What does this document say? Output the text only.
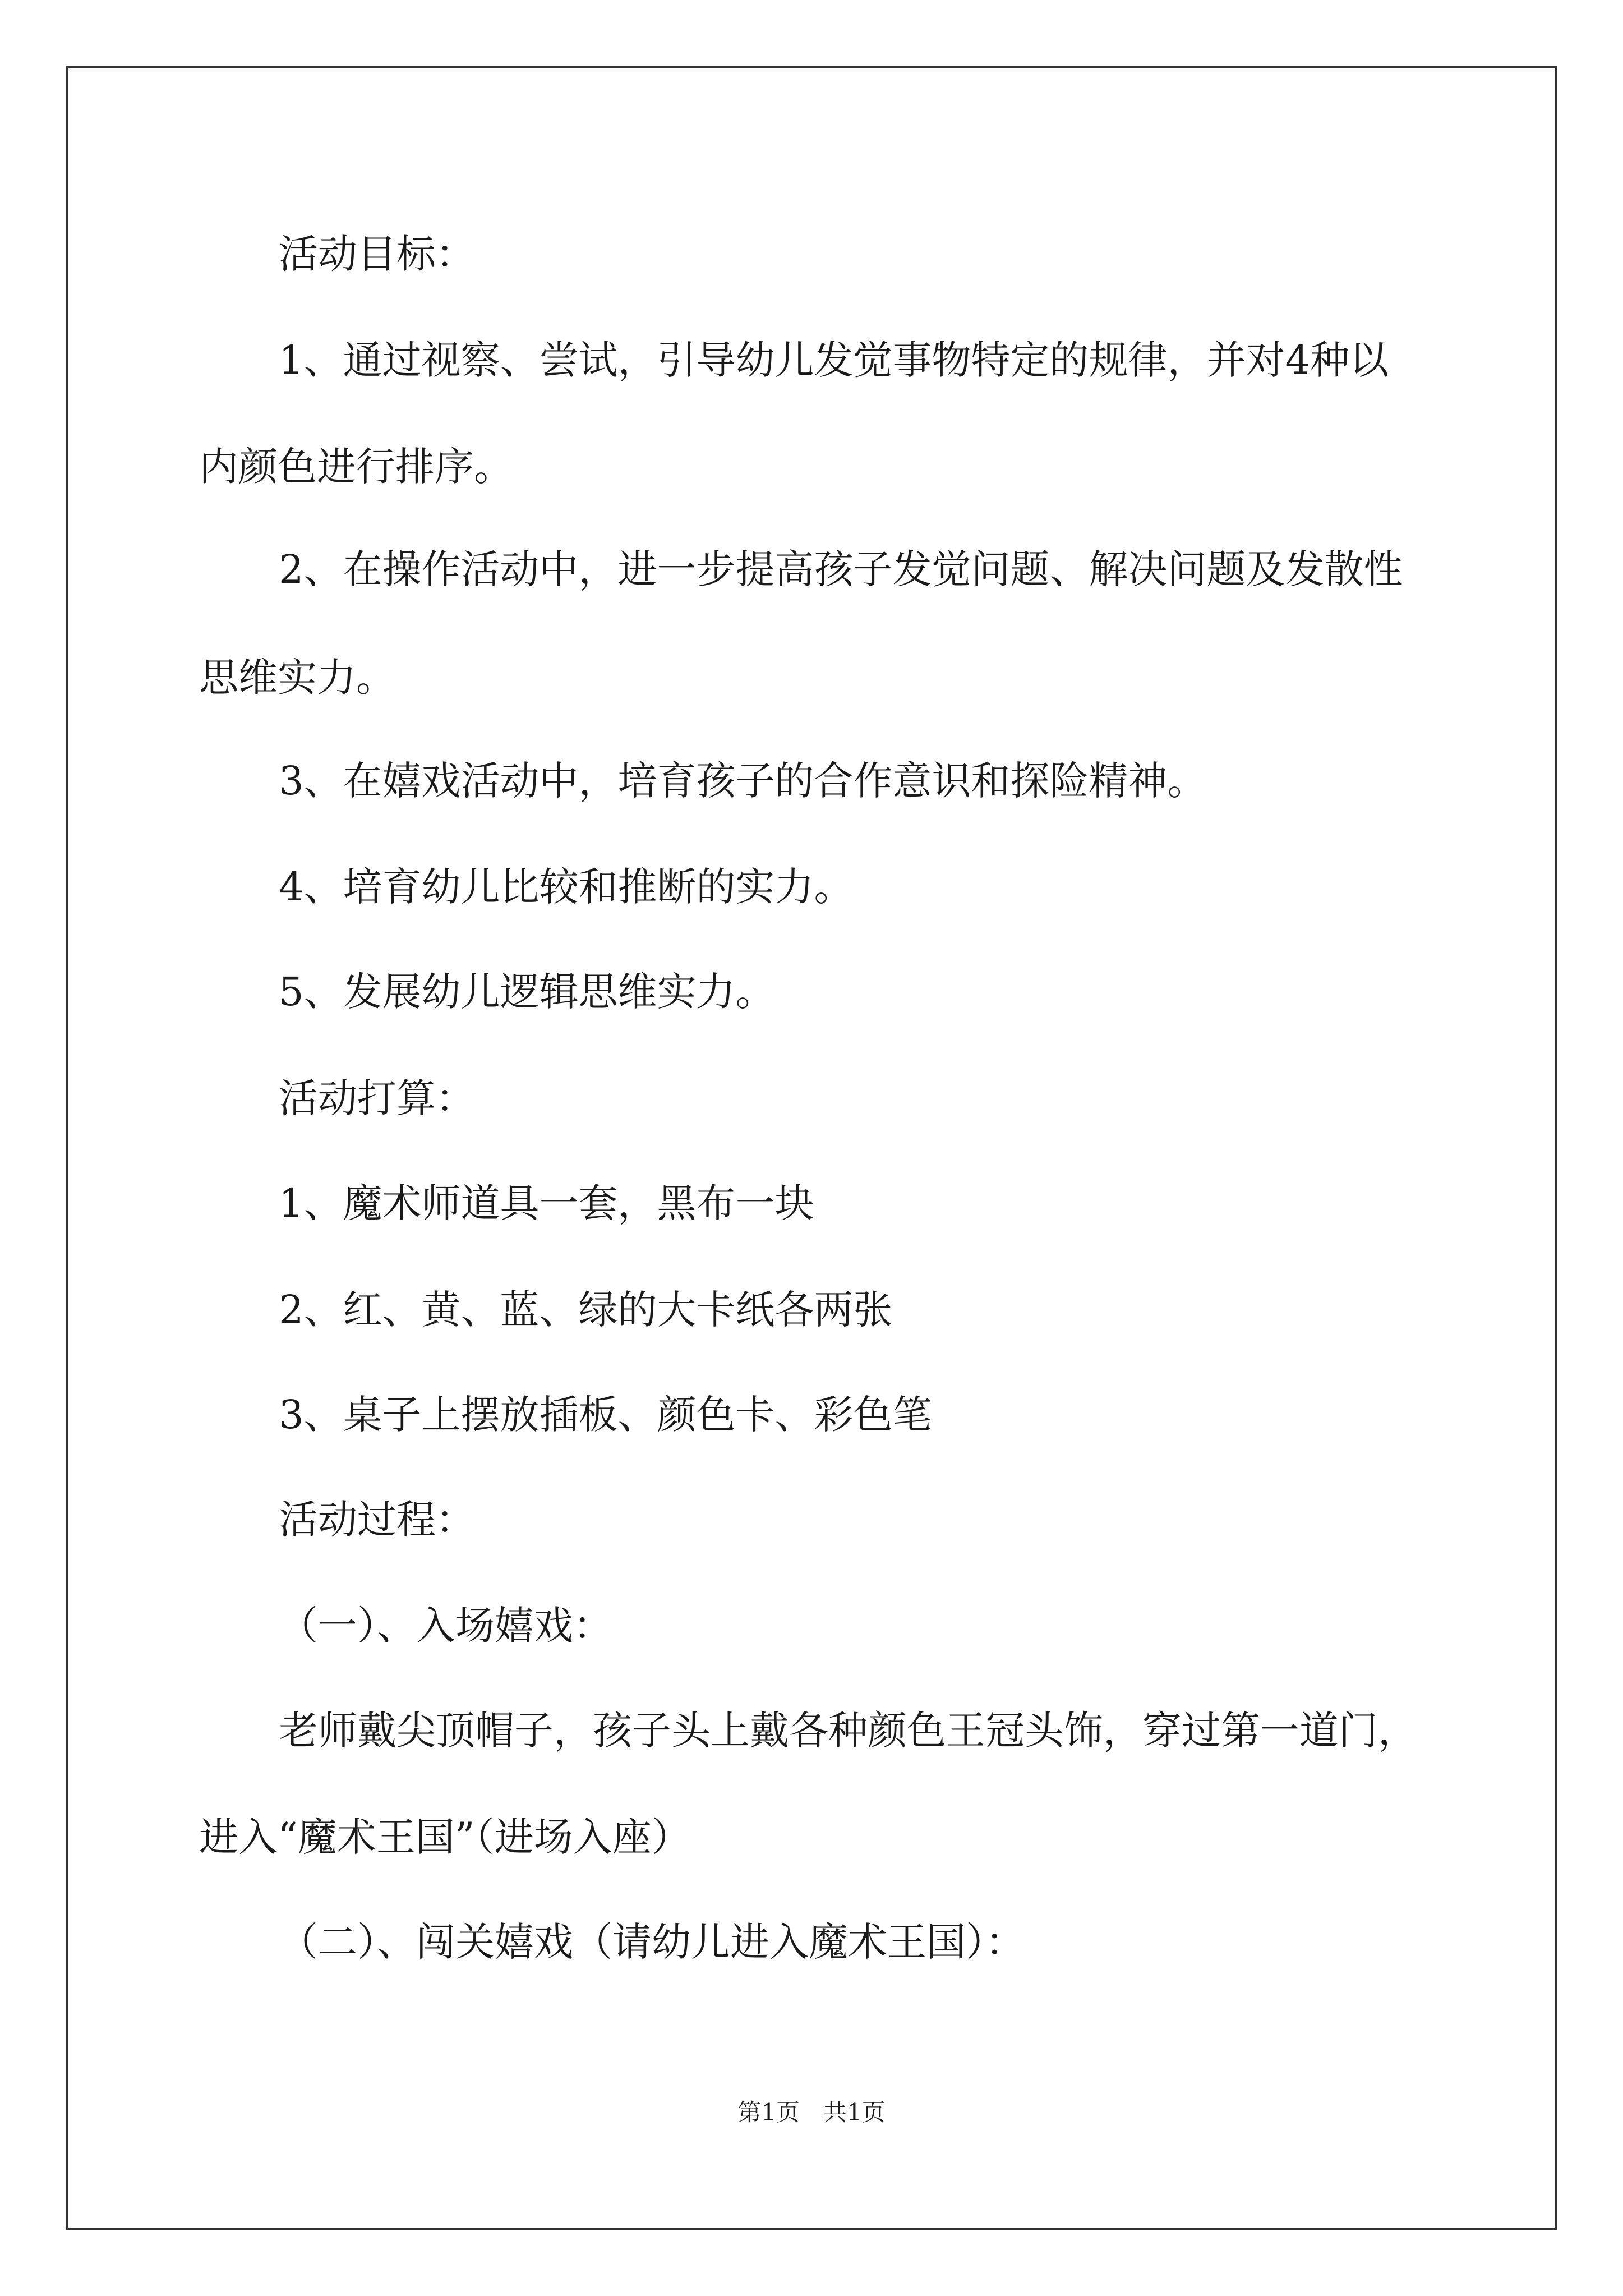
活动目标：

1、通过视察、尝试，引导幼儿发觉事物特定的规律，并对4种以

内颜色进行排序。

2、在操作活动中，进一步提高孩子发觉问题、解决问题及发散性

思维实力。

3、在嬉戏活动中，培育孩子的合作意识和探险精神。

4、培育幼儿比较和推断的实力。

5、发展幼儿逻辑思维实力。

活动打算：

1、魔术师道具一套，黑布一块

2、红、黄、蓝、绿的大卡纸各两张

3、桌子上摆放插板、颜色卡、彩色笔

活动过程：

（一）、入场嬉戏：

老师戴尖顶帽子，孩子头上戴各种颜色王冠头饰，穿过第一道门，

进入“魔术王国”（进场入座）

（二）、闯关嬉戏（请幼儿进入魔术王国）：

第1页　共1页
